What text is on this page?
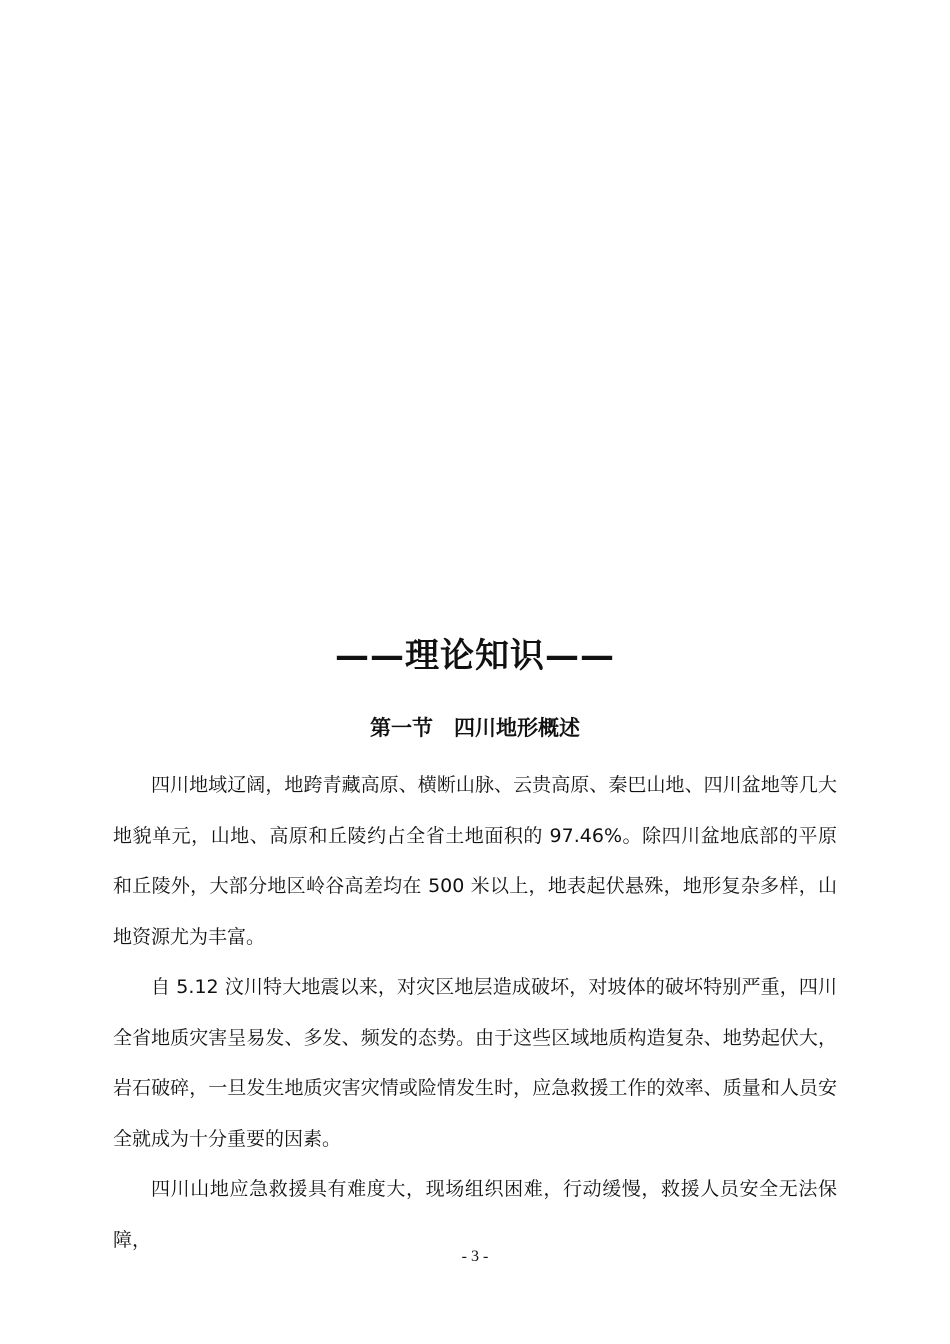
——理论知识——
第一节　四川地形概述

四川地域辽阔，地跨青藏高原、横断山脉、云贵高原、秦巴山地、四川盆地等几大地貌单元，山地、高原和丘陵约占全省土地面积的 97.46%。除四川盆地底部的平原和丘陵外，大部分地区岭谷高差均在 500 米以上，地表起伏悬殊，地形复杂多样，山地资源尤为丰富。

自 5.12 汶川特大地震以来，对灾区地层造成破坏，对坡体的破坏特别严重，四川全省地质灾害呈易发、多发、频发的态势。由于这些区域地质构造复杂、地势起伏大，岩石破碎，一旦发生地质灾害灾情或险情发生时，应急救援工作的效率、质量和人员安全就成为十分重要的因素。

四川山地应急救援具有难度大，现场组织困难，行动缓慢，救援人员安全无法保障，

- 3 -
